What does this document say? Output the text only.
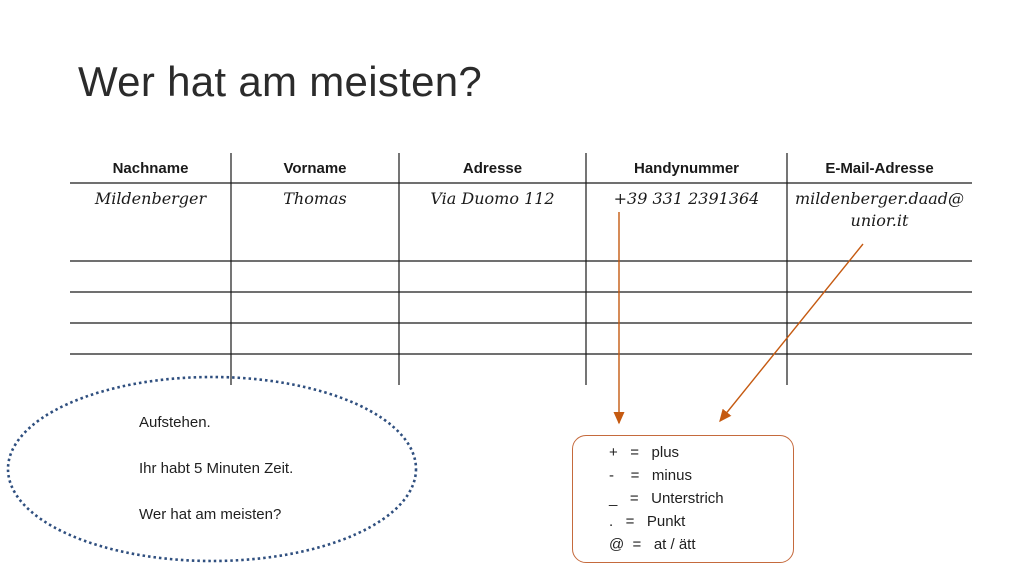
Wer hat am meisten?
Nachname	Vorname	Adresse	Handynummer	E-Mail-Adresse
Mildenberger	Thomas	Via Duomo 112	+39 331 2391364	mildenberger.daad@
unior.it
Aufstehen.
Ihr habt 5 Minuten Zeit.
Wer hat am meisten?
+   =   plus
-    =   minus
_   =   Unterstrich
.   =   Punkt
@  =   at / ätt
